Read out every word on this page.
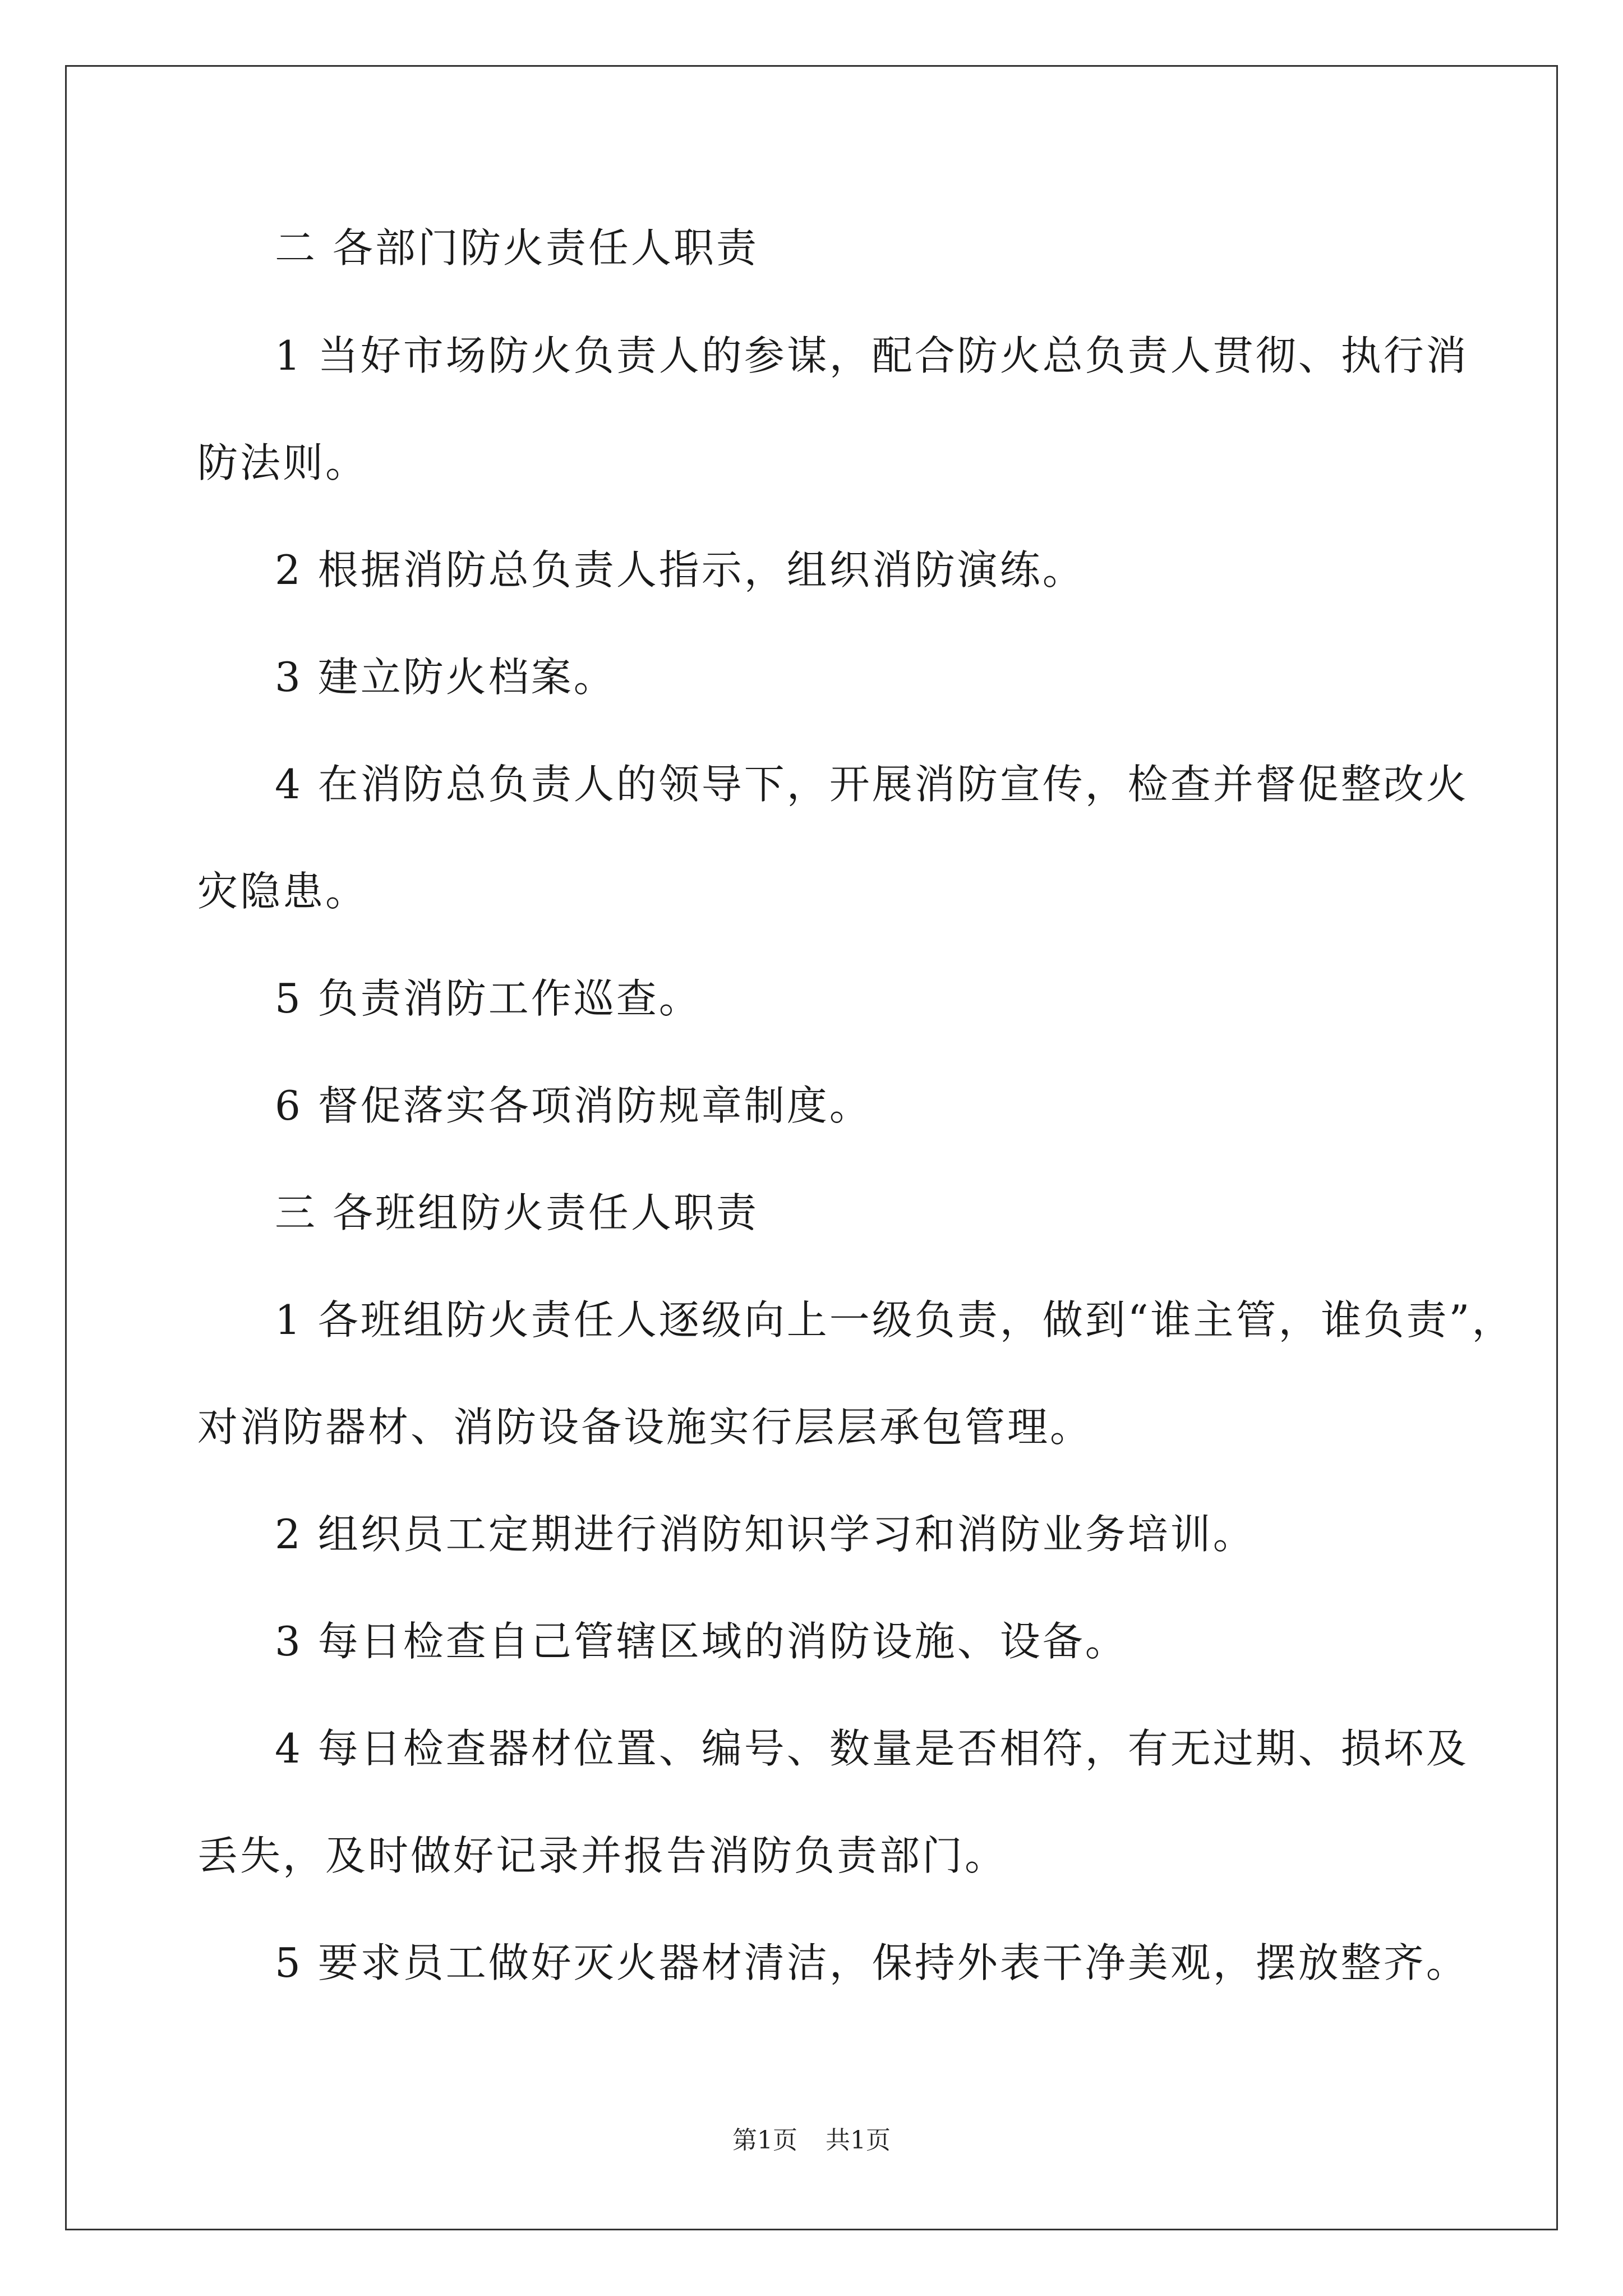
二 各部门防火责任人职责
1 当好市场防火负责人的参谋，配合防火总负责人贯彻、执行消
防法则。
2 根据消防总负责人指示，组织消防演练。
3 建立防火档案。
4 在消防总负责人的领导下，开展消防宣传，检查并督促整改火
灾隐患。
5 负责消防工作巡查。
6 督促落实各项消防规章制度。
三 各班组防火责任人职责
1 各班组防火责任人逐级向上一级负责，做到“谁主管，谁负责”，
对消防器材、消防设备设施实行层层承包管理。
2 组织员工定期进行消防知识学习和消防业务培训。
3 每日检查自己管辖区域的消防设施、设备。
4 每日检查器材位置、编号、数量是否相符，有无过期、损坏及
丢失，及时做好记录并报告消防负责部门。
5 要求员工做好灭火器材清洁，保持外表干净美观，摆放整齐。
第1页 共1页
